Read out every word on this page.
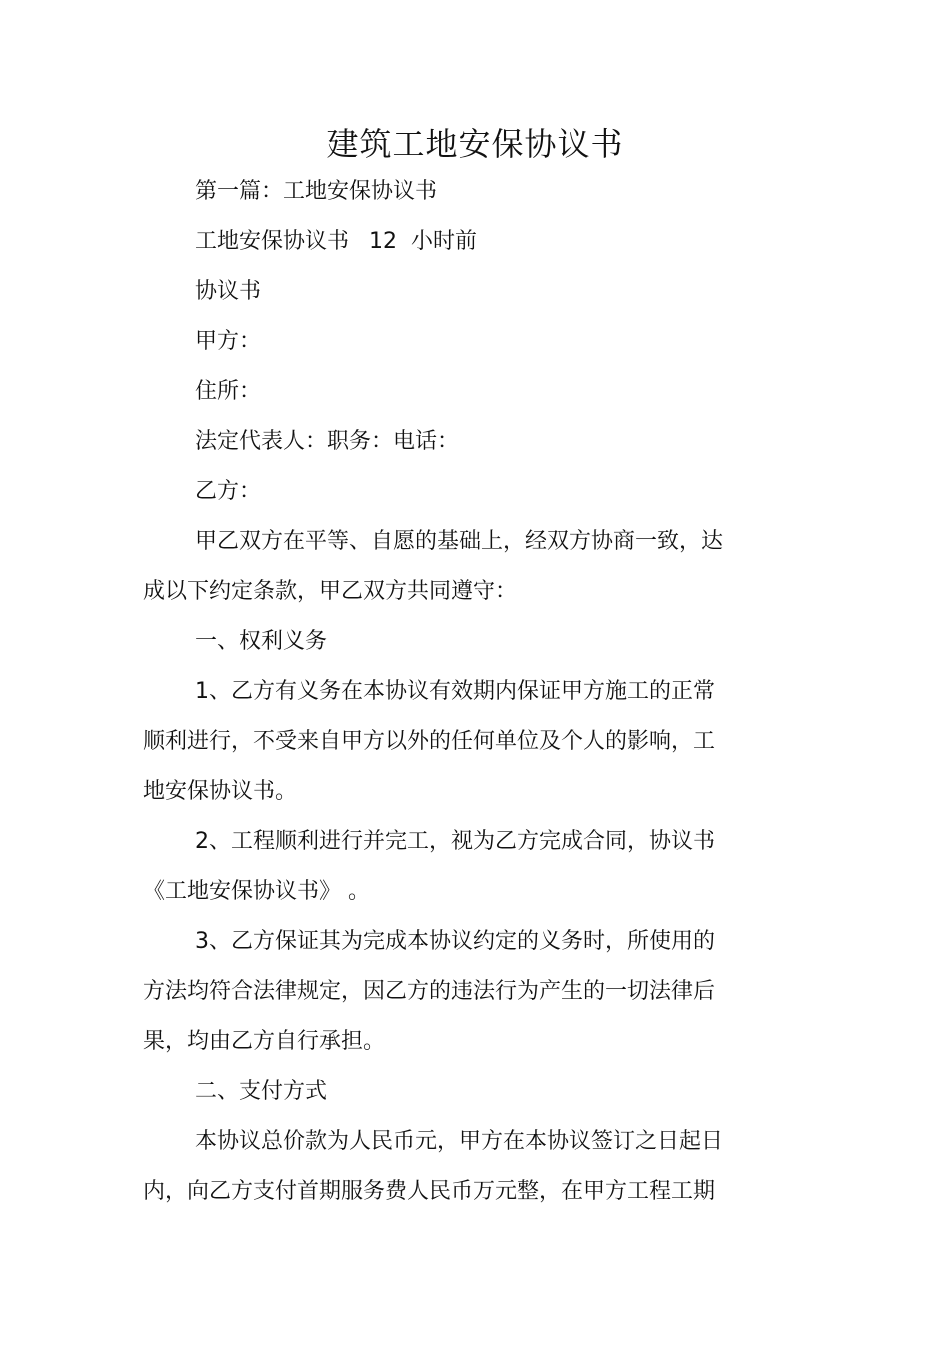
建筑工地安保协议书

第一篇：工地安保协议书

工地安保协议书 12 小时前

协议书

甲方：

住所：

法定代表人：职务：电话：

乙方：

甲乙双方在平等、自愿的基础上，经双方协商一致，达

成以下约定条款，甲乙双方共同遵守：

一、权利义务

1、乙方有义务在本协议有效期内保证甲方施工的正常

顺利进行，不受来自甲方以外的任何单位及个人的影响，工

地安保协议书。

2、工程顺利进行并完工，视为乙方完成合同，协议书

《工地安保协议书》 。

3、乙方保证其为完成本协议约定的义务时，所使用的

方法均符合法律规定，因乙方的违法行为产生的一切法律后

果，均由乙方自行承担。

二、支付方式

本协议总价款为人民币元，甲方在本协议签订之日起日

内，向乙方支付首期服务费人民币万元整，在甲方工程工期
